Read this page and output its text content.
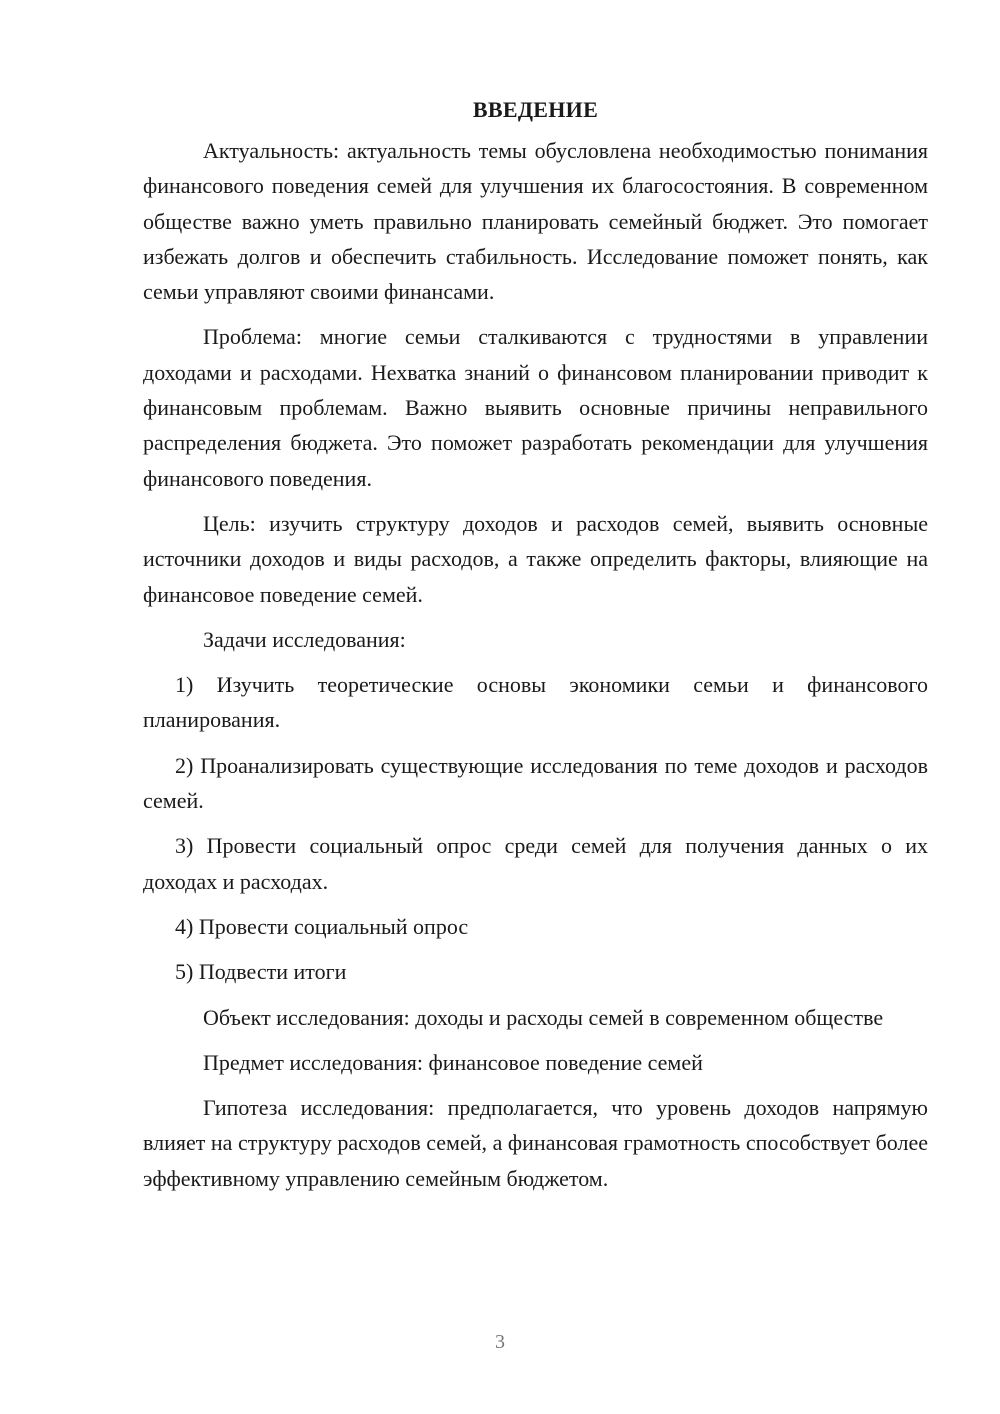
ВВЕДЕНИЕ

Актуальность: актуальность темы обусловлена необходимостью понимания финансового поведения семей для улучшения их благосостояния. В современном обществе важно уметь правильно планировать семейный бюджет. Это помогает избежать долгов и обеспечить стабильность. Исследование поможет понять, как семьи управляют своими финансами.

Проблема: многие семьи сталкиваются с трудностями в управлении доходами и расходами. Нехватка знаний о финансовом планировании приводит к финансовым проблемам. Важно выявить основные причины неправильного распределения бюджета. Это поможет разработать рекомендации для улучшения финансового поведения.

Цель: изучить структуру доходов и расходов семей, выявить основные источники доходов и виды расходов, а также определить факторы, влияющие на финансовое поведение семей.

Задачи исследования:

1) Изучить теоретические основы экономики семьи и финансового планирования.

2) Проанализировать существующие исследования по теме доходов и расходов семей.

3) Провести социальный опрос среди семей для получения данных о их доходах и расходах.

4) Провести социальный опрос

5) Подвести итоги

Объект исследования: доходы и расходы семей в современном обществе

Предмет исследования: финансовое поведение семей

Гипотеза исследования: предполагается, что уровень доходов напрямую влияет на структуру расходов семей, а финансовая грамотность способствует более эффективному управлению семейным бюджетом.

3
